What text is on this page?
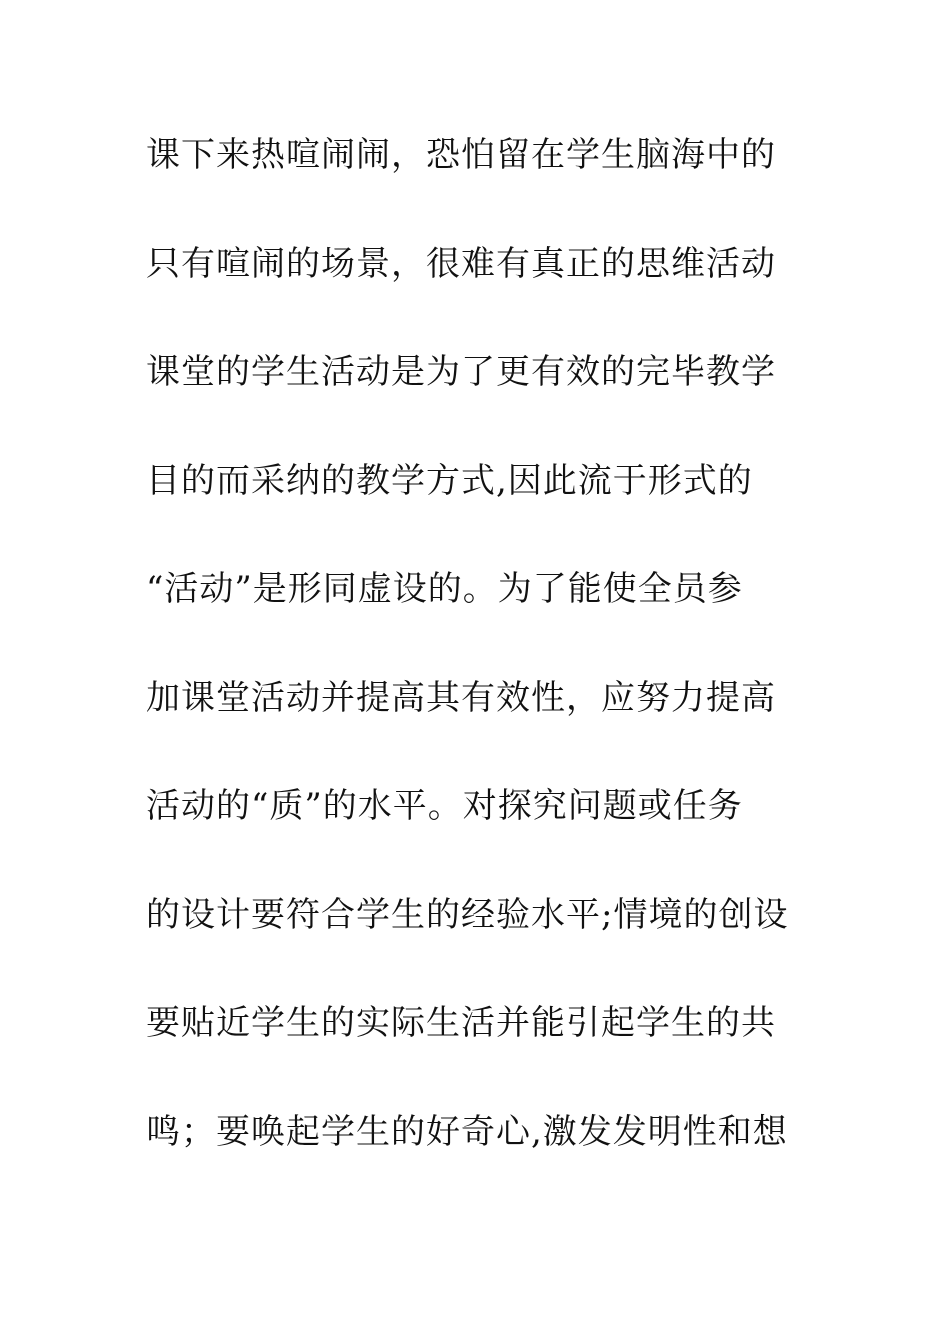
课下来热喧闹闹，恐怕留在学生脑海中的
只有喧闹的场景，很难有真正的思维活动
课堂的学生活动是为了更有效的完毕教学
目的而采纳的教学方式,因此流于形式的
“活动”是形同虚设的。为了能使全员参
加课堂活动并提高其有效性，应努力提高
活动的“质”的水平。对探究问题或任务
的设计要符合学生的经验水平;情境的创设
要贴近学生的实际生活并能引起学生的共
鸣；要唤起学生的好奇心,激发发明性和想
